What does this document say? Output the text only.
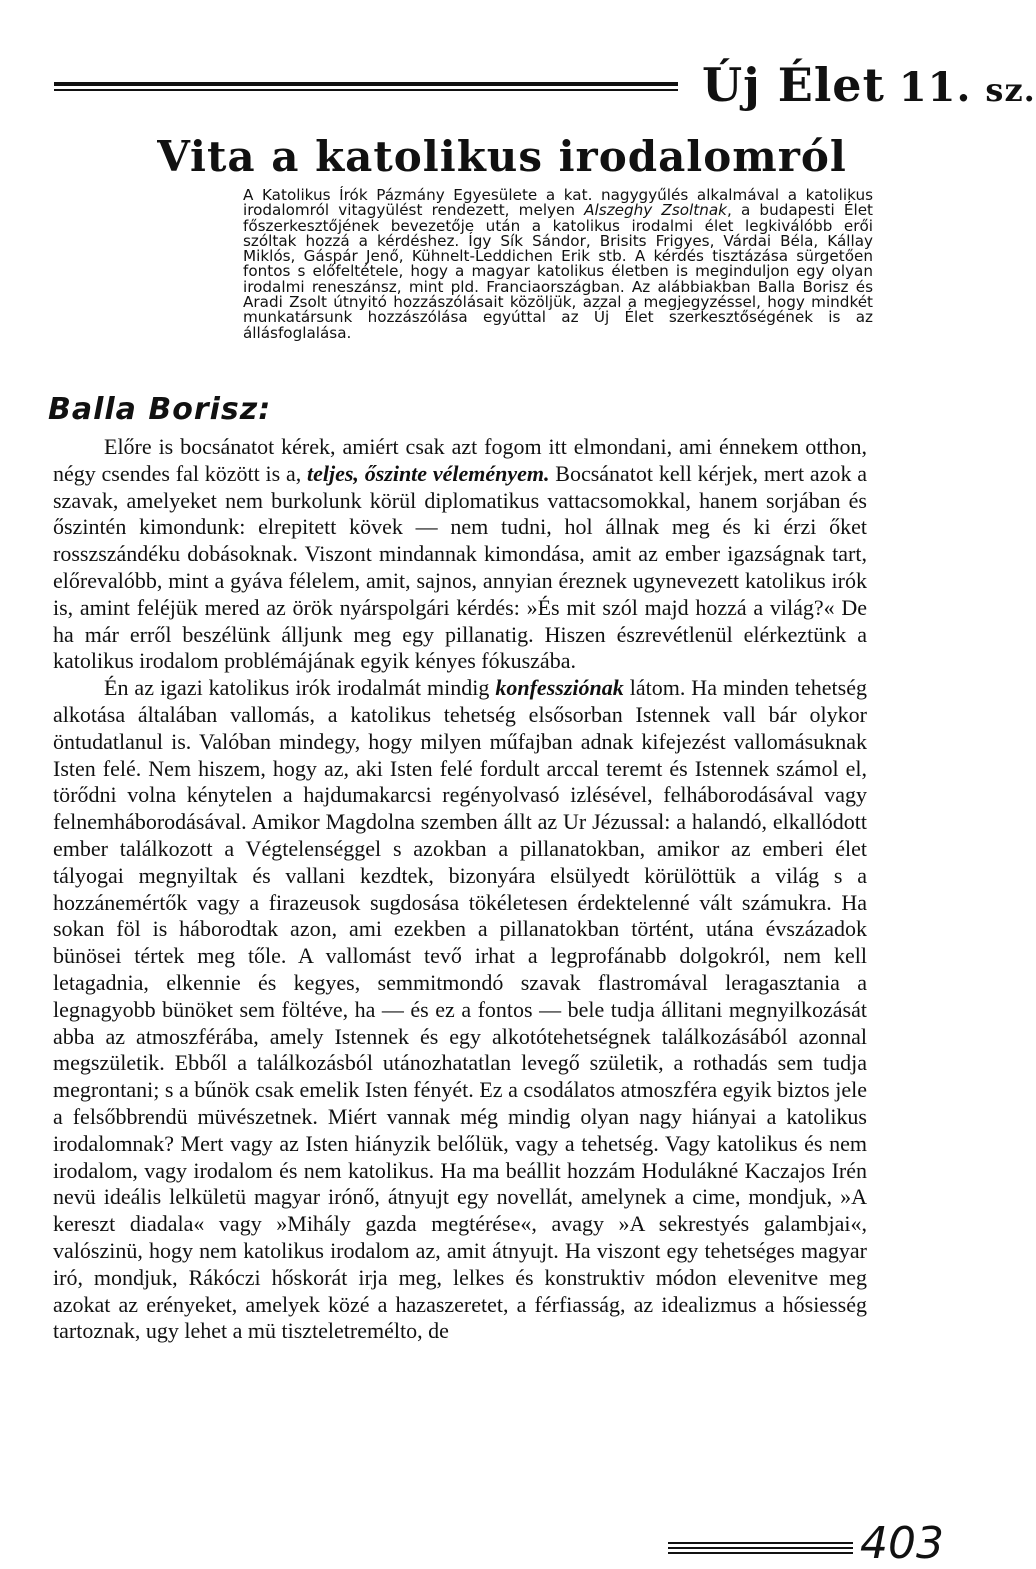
Új Élet 11. sz.
Vita a katolikus irodalomról
A Katolikus Írók Pázmány Egyesülete a kat. nagygyűlés alkalmával a katolikus irodalomról vitagyülést rendezett, melyen Alszeghy Zsoltnak, a budapesti Élet főszerkesztőjének bevezetője után a katolikus irodalmi élet legkiválóbb erői szóltak hozzá a kérdéshez. Így Sík Sándor, Brisits Frigyes, Várdai Béla, Kállay Miklós, Gáspár Jenő, Kühnelt-Leddichen Erik stb. A kérdés tisztázása sürgetően fontos s előfeltétele, hogy a magyar katolikus életben is meginduljon egy olyan irodalmi reneszánsz, mint pld. Franciaországban. Az alábbiakban Balla Borisz és Aradi Zsolt útnyitó hozzászólásait közöljük, azzal a megjegyzéssel, hogy mindkét munkatársunk hozzászólása egyúttal az Új Élet szerkesztőségének is az állásfoglalása.
Balla Borisz:

Előre is bocsánatot kérek, amiért csak azt fogom itt elmondani, ami énnekem otthon, négy csendes fal között is a, teljes, őszinte véleményem. Bocsánatot kell kérjek, mert azok a szavak, amelyeket nem burkolunk körül diplomatikus vattacsomokkal, hanem sorjában és őszintén kimondunk: elrepitett kövek — nem tudni, hol állnak meg és ki érzi őket rosszszándéku dobásoknak. Viszont mindannak kimondása, amit az ember igazságnak tart, előrevalóbb, mint a gyáva félelem, amit, sajnos, annyian éreznek ugynevezett katolikus irók is, amint feléjük mered az örök nyárspolgári kérdés: »És mit szól majd hozzá a világ?« De ha már erről beszélünk álljunk meg egy pillanatig. Hiszen észrevétlenül elérkeztünk a katolikus irodalom problémájának egyik kényes fókuszába.

Én az igazi katolikus irók irodalmát mindig konfessziónak látom. Ha minden tehetség alkotása általában vallomás, a katolikus tehetség elsősorban Istennek vall bár olykor öntudatlanul is. Valóban mindegy, hogy milyen műfajban adnak kifejezést vallomásuknak Isten felé. Nem hiszem, hogy az, aki Isten felé fordult arccal teremt és Istennek számol el, törődni volna kénytelen a hajdumakarcsi regényolvasó izlésével, felháborodásával vagy felnemháborodásával. Amikor Magdolna szemben állt az Ur Jézussal: a halandó, elkallódott ember találkozott a Végtelenséggel s azokban a pillanatokban, amikor az emberi élet tályogai megnyiltak és vallani kezdtek, bizonyára elsülyedt körülöttük a világ s a hozzánemértők vagy a firazeusok sugdosása tökéletesen érdektelenné vált számukra. Ha sokan föl is háborodtak azon, ami ezekben a pillanatokban történt, utána évszázadok bünösei tértek meg tőle. A vallomást tevő irhat a legprofánabb dolgokról, nem kell letagadnia, elkennie és kegyes, semmitmondó szavak flastromával leragasztania a legnagyobb bünöket sem föltéve, ha — és ez a fontos — bele tudja állitani megnyilkozását abba az atmoszférába, amely Istennek és egy alkotótehetségnek találkozásából azonnal megszületik. Ebből a találkozásból utánozhatatlan levegő születik, a rothadás sem tudja megrontani; s a bűnök csak emelik Isten fényét. Ez a csodálatos atmoszféra egyik biztos jele a felsőbbrendü müvészetnek. Miért vannak még mindig olyan nagy hiányai a katolikus irodalomnak? Mert vagy az Isten hiányzik belőlük, vagy a tehetség. Vagy katolikus és nem irodalom, vagy irodalom és nem katolikus. Ha ma beállit hozzám Hodulákné Kaczajos Irén nevü ideális lelkületü magyar irónő, átnyujt egy novellát, amelynek a cime, mondjuk, »A kereszt diadala« vagy »Mihály gazda megtérése«, avagy »A sekrestyés galambjai«, valószinü, hogy nem katolikus irodalom az, amit átnyujt. Ha viszont egy tehetséges magyar iró, mondjuk, Rákóczi hőskorát irja meg, lelkes és konstruktiv módon elevenitve meg azokat az erényeket, amelyek közé a hazaszeretet, a férfiasság, az idealizmus a hősiesség tartoznak, ugy lehet a mü tiszteletremélto, de

403
